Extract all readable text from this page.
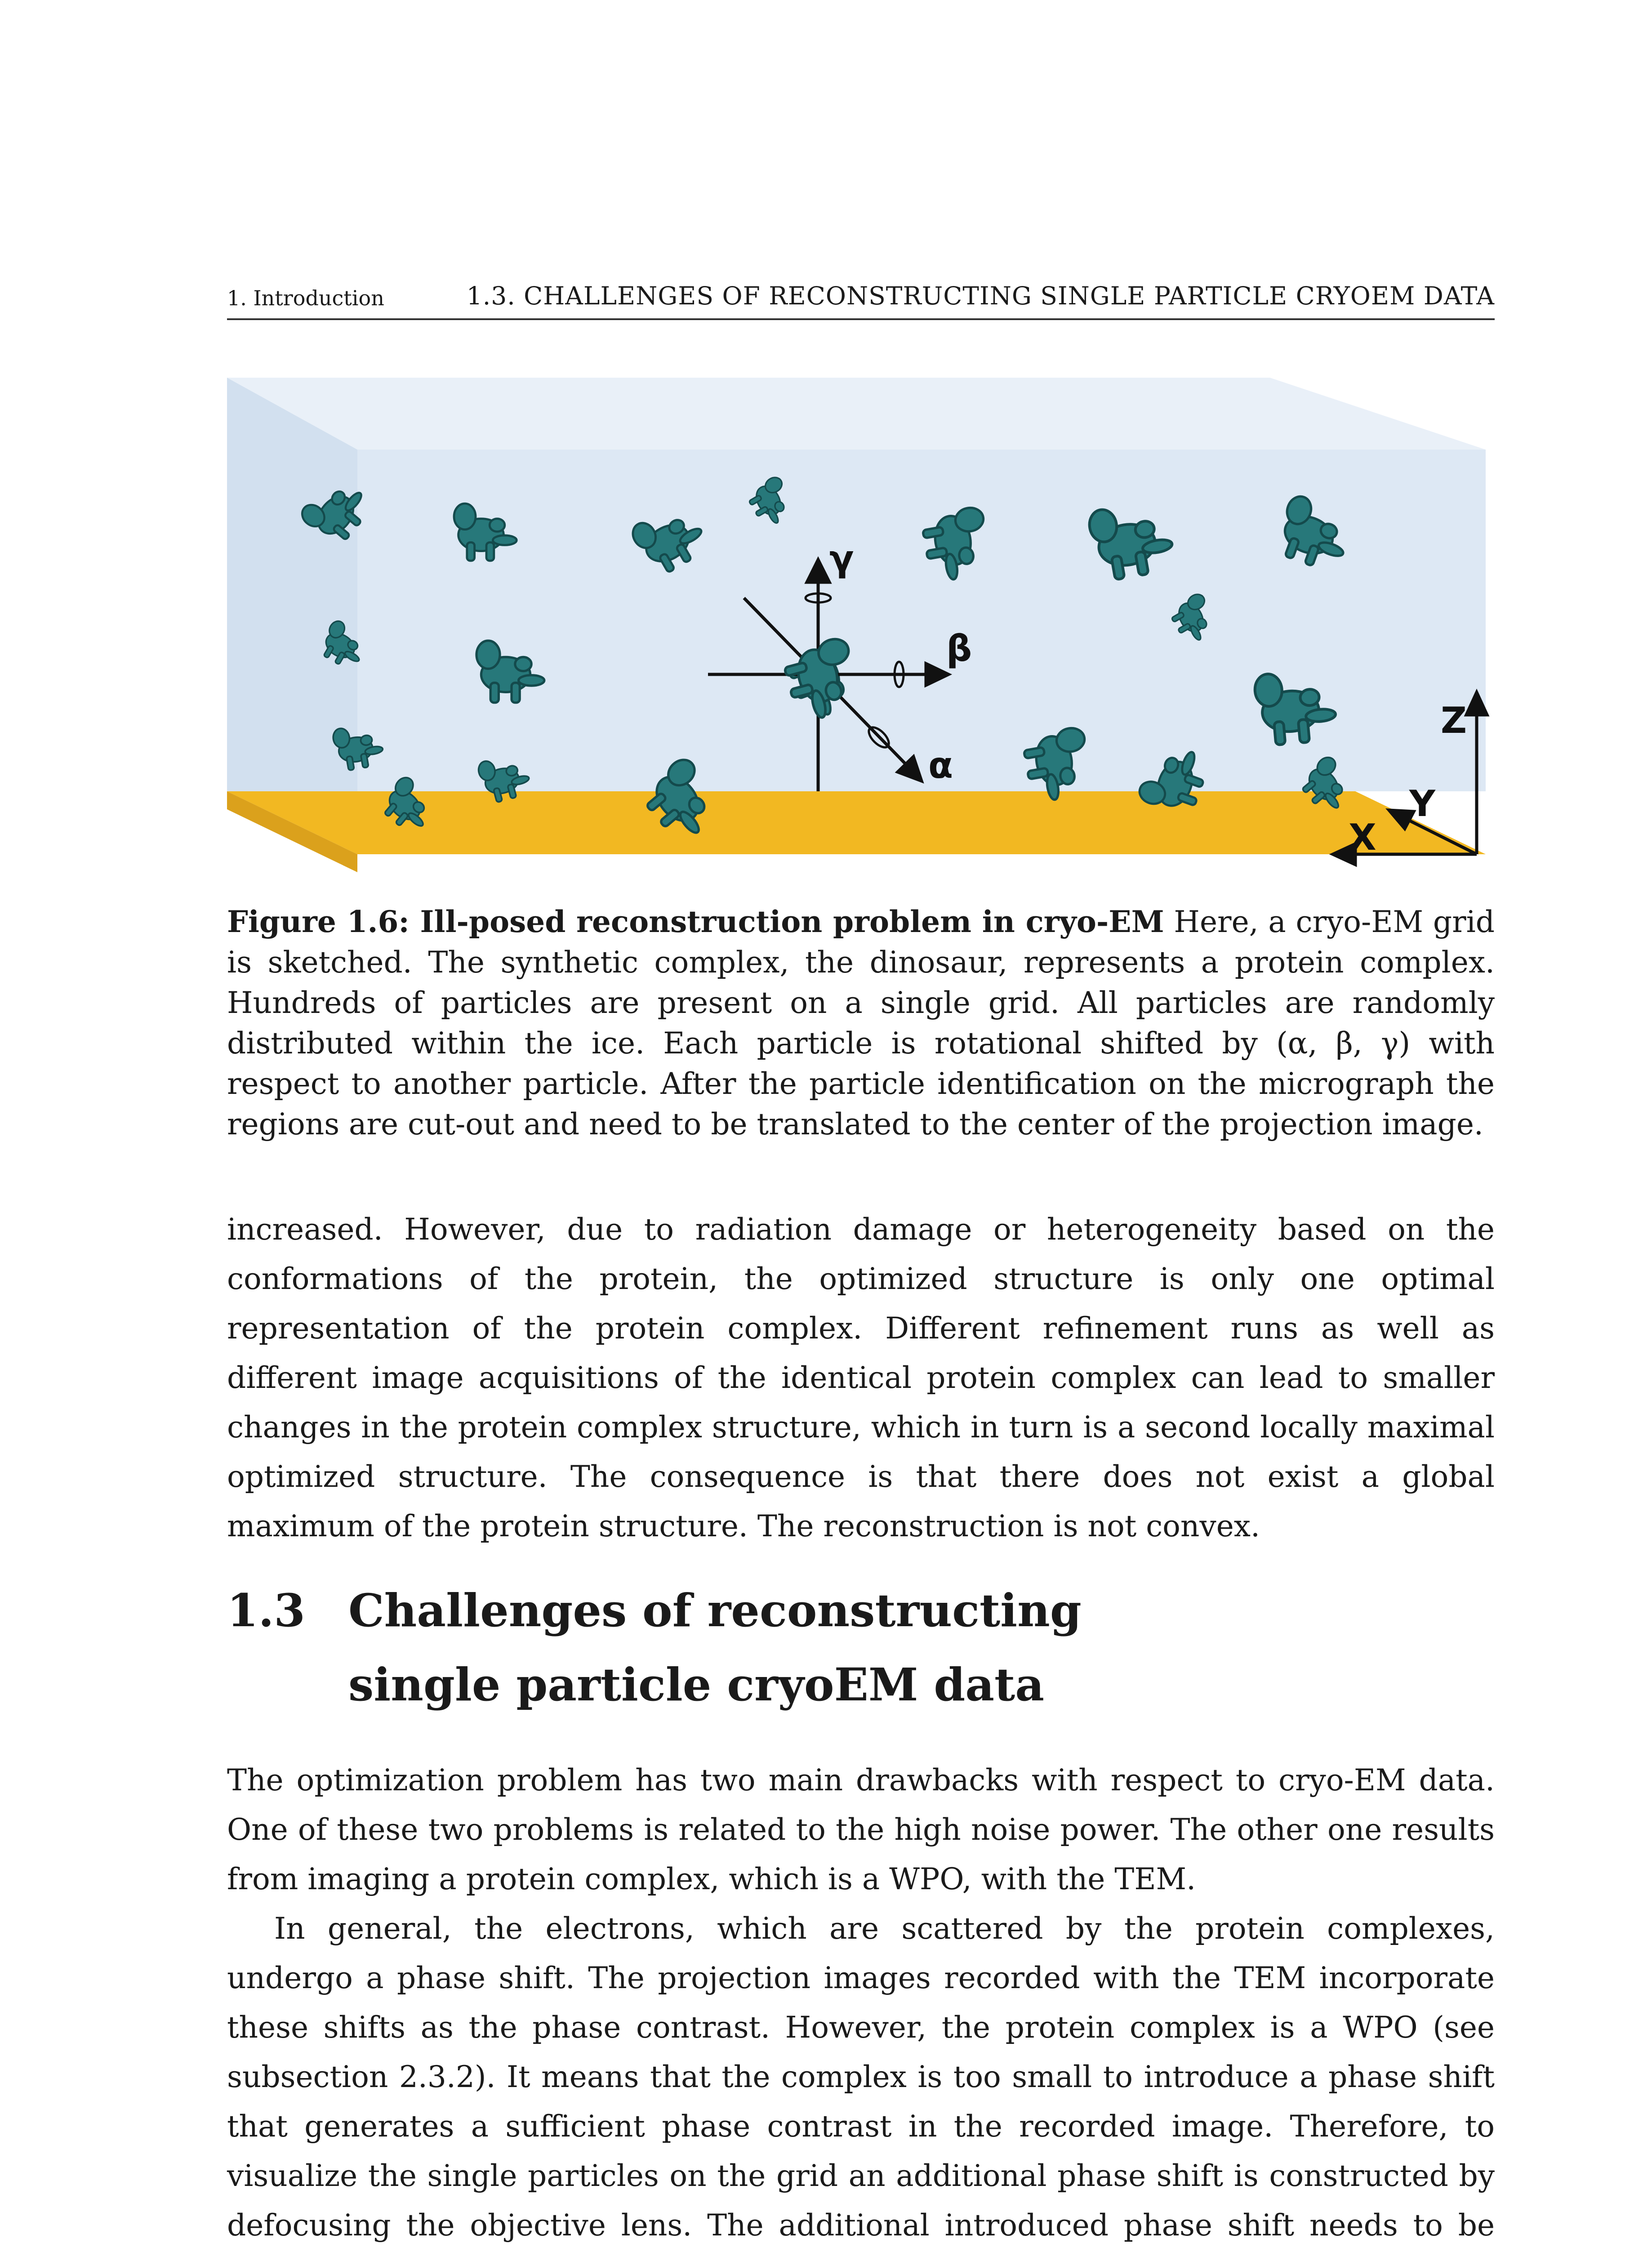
1. Introduction	1.3. CHALLENGES OF RECONSTRUCTING SINGLE PARTICLE CRYOEM DATA
γ
β
α
Z
Y
X
Figure 1.6: Ill-posed reconstruction problem in cryo-EM Here, a cryo-EM grid is sketched. The synthetic complex, the dinosaur, represents a protein complex. Hundreds of particles are present on a single grid. All particles are randomly distributed within the ice. Each particle is rotational shifted by (α, β, γ) with respect to another particle. After the particle identification on the micrograph the regions are cut-out and need to be translated to the center of the projection image.

increased. However, due to radiation damage or heterogeneity based on the conformations of the protein, the optimized structure is only one optimal representation of the protein complex. Different refinement runs as well as different image acquisitions of the identical protein complex can lead to smaller changes in the protein complex structure, which in turn is a second locally maximal optimized structure. The consequence is that there does not exist a global maximum of the protein structure. The reconstruction is not convex.

1.3 Challenges of reconstructing single particle cryoEM data

The optimization problem has two main drawbacks with respect to cryo-EM data. One of these two problems is related to the high noise power. The other one results from imaging a protein complex, which is a WPO, with the TEM.

In general, the electrons, which are scattered by the protein complexes, undergo a phase shift. The projection images recorded with the TEM incorporate these shifts as the phase contrast. However, the protein complex is a WPO (see subsection 2.3.2). It means that the complex is too small to introduce a phase shift that generates a sufficient phase contrast in the recorded image. Therefore, to visualize the single particles on the grid an additional phase shift is constructed by defocusing the objective lens. The additional introduced phase shift needs to be
